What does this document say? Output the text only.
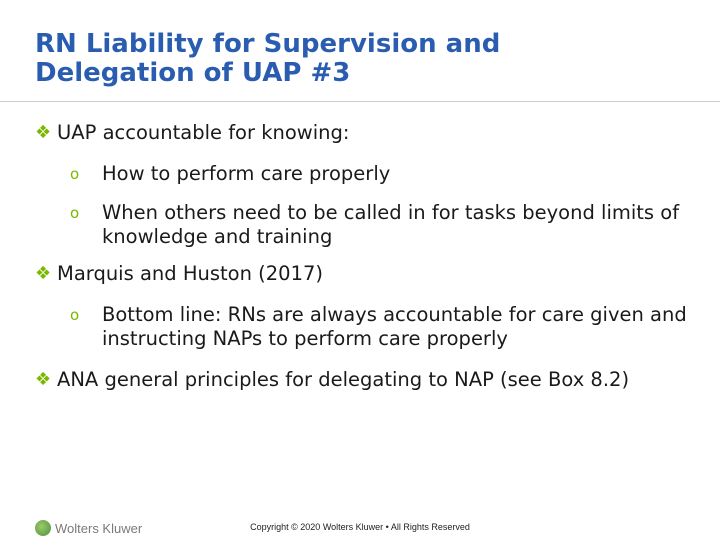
RN Liability for Supervision and
Delegation of UAP #3
❖ UAP accountable for knowing:
o	How to perform care properly
o	When others need to be called in for tasks beyond limits of knowledge and training
❖ Marquis and Huston (2017)
o	Bottom line: RNs are always accountable for care given and instructing NAPs to perform care properly
❖ ANA general principles for delegating to NAP (see Box 8.2)
Wolters Kluwer	Copyright © 2020 Wolters Kluwer • All Rights Reserved
